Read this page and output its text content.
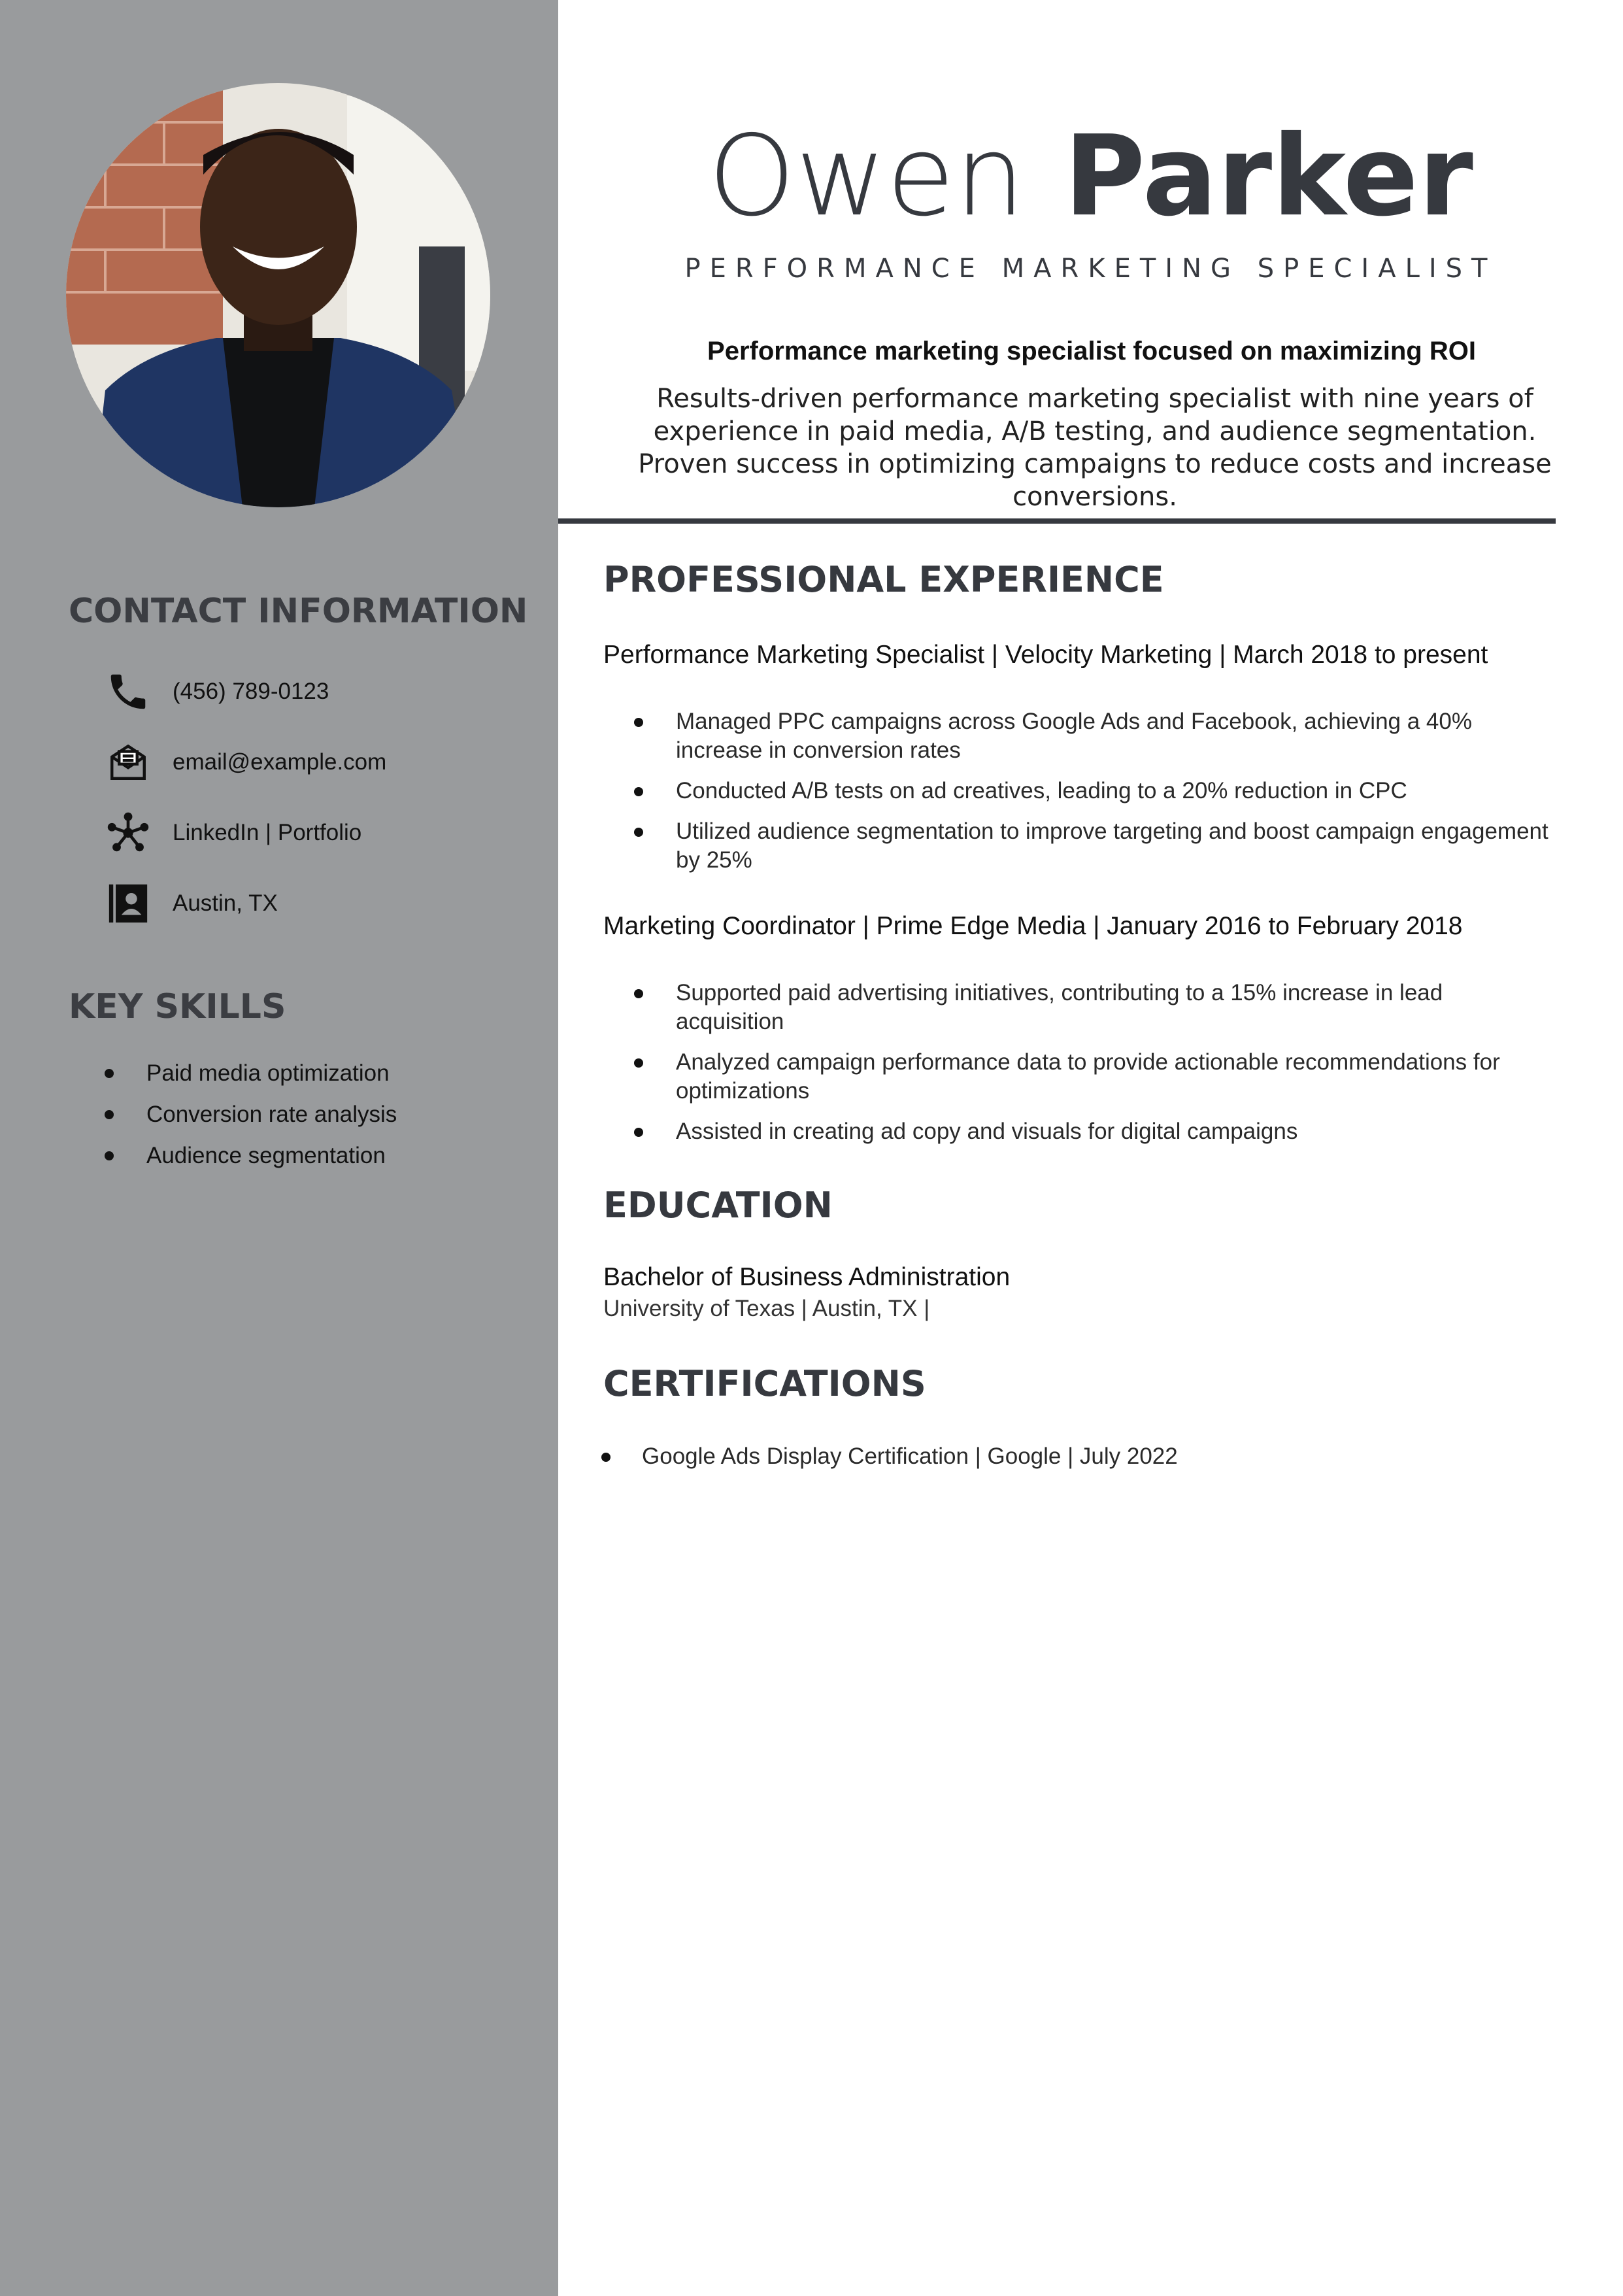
CONTACT INFORMATION
(456) 789-0123
email@example.com
LinkedIn | Portfolio
Austin, TX
KEY SKILLS
Paid media optimization
Conversion rate analysis
Audience segmentation
Owen Parker
PERFORMANCE MARKETING SPECIALIST
Performance marketing specialist focused on maximizing ROI
Results-driven performance marketing specialist with nine years of experience in paid media, A/B testing, and audience segmentation. Proven success in optimizing campaigns to reduce costs and increase conversions.
PROFESSIONAL EXPERIENCE
Performance Marketing Specialist | Velocity Marketing | March 2018 to present
Managed PPC campaigns across Google Ads and Facebook, achieving a 40% increase in conversion rates
Conducted A/B tests on ad creatives, leading to a 20% reduction in CPC
Utilized audience segmentation to improve targeting and boost campaign engagement by 25%
Marketing Coordinator | Prime Edge Media | January 2016 to February 2018
Supported paid advertising initiatives, contributing to a 15% increase in lead acquisition
Analyzed campaign performance data to provide actionable recommendations for optimizations
Assisted in creating ad copy and visuals for digital campaigns
EDUCATION
Bachelor of Business Administration
University of Texas | Austin, TX |
CERTIFICATIONS
Google Ads Display Certification | Google | July 2022
